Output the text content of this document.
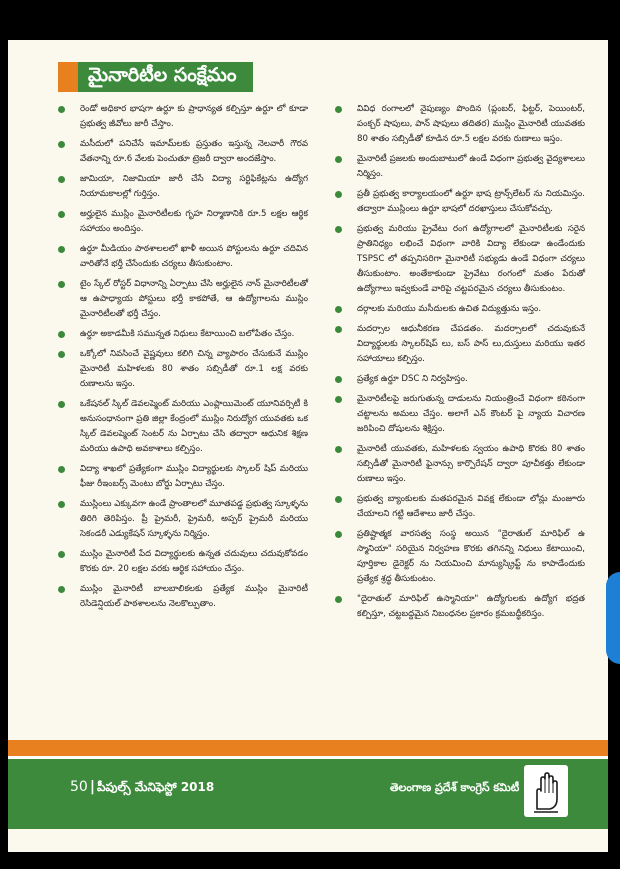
మైనారిటీల సంక్షేమం
రెండో అధికార భాషగా ఉర్దూ కు ప్రాధాన్యత కల్పిస్తూ ఉర్దూ లో కూడా ప్రభుత్వ జీవోలు జారీ చేస్తాం.
మసీదులో పనిచేసే ఇమామ్‌లకు ప్రస్తుతం ఇస్తున్న నెలవారీ గౌరవ వేతనాన్ని రూ.6 వేలకు పెంచుతూ ట్రెజరీ ద్వారా అందజేస్తాం.
జామియా, నిజామియా జారీ చేసే విద్యా సర్టిఫికేట్లను ఉద్యోగ నియామకాలల్లో గుర్తిస్తం.
అర్హులైన ముస్లిం మైనారిటీలకు గృహ నిర్మాణానికి రూ.5 లక్షల ఆర్థిక సహాయం అందిస్తం.
ఉర్దూ మీడియం పాఠశాలలలో ఖాళీ అయిన పోస్టులను ఉర్దూ చదివిన వారితోనే భర్తీ చేసేందుకు చర్యలు తీసుకుంటాం.
టైం స్కేల్ రోస్టర్ విధానాన్ని ఏర్పాటు చేసి అర్హులైన నాన్ మైనారిటీలతో ఆ ఉపాధ్యాయ పోస్టులు భర్తీ కాకపోతే, ఆ ఉద్యోగాలను ముస్లిం మైనారిటీలతో భర్తీ చేస్తం.
ఉర్దూ అకాడమీకి సమున్నత నిధులు కేటాయించి బలోపేతం చేస్తం.
ఒక్కోలో నివసించే వైష్ణవులు కలిగి చిన్న వ్యాపారం చేసుకునే ముస్లిం మైనారిటీ మహిళలకు 80 శాతం సబ్సిడీతో రూ.1 లక్ష వరకు రుణాలను ఇస్తం.
ఒకేషనల్ స్కిల్ డెవలప్మెంట్ మరియు ఎంప్లాయిమెంట్ యూనివర్సిటీ కి అనుసంధానంగా ప్రతి జిల్లా కేంద్రంలో ముస్లిం నిరుద్యోగ యువతకు ఒక స్కిల్ డెవలప్మెంట్ సెంటర్ ను ఏర్పాటు చేసి తద్వారా ఆధునిక శిక్షణ మరియు ఉపాధి అవకాశాలు కల్పిస్తం.
విద్యా శాఖలో ప్రత్యేకంగా ముస్లిం విద్యార్థులకు స్కాలర్ షిప్ మరియు ఫీజు రీఇంబర్స్ మెంటు బోర్డు ఏర్పాటు చేస్తం.
ముస్లింలు ఎక్కువగా ఉండే ప్రాంతాలలో మూతపడ్డ ప్రభుత్వ స్కూళ్ళను తిరిగి తెరిపిస్తం. ప్రీ ప్రైమరీ, ప్రైమరీ, అప్పర్ ప్రైమరీ మరియు సెకండరీ ఎడ్యుకేషన్ స్కూళ్ళను నిర్మిస్తం.
ముస్లిం మైనారిటీ పేద విద్యార్థులకు ఉన్నత చదువులు చదువుకోవడం కొరకు రూ. 20 లక్షల వరకు ఆర్థిక సహాయం చేస్తం.
ముస్లిం మైనారిటీ బాలబాలికలకు ప్రత్యేక ముస్లిం మైనారిటీ రెసిడెన్షియల్ పాఠశాలలను నెలకొల్పుతాం.
వివిధ రంగాలలో నైపుణ్యం పొందిన (ప్లంబర్, ఫిట్టర్, పెయింటర్, పంక్చర్ షాపులు, పాన్ షాపులు తదితర) ముస్లిం మైనారిటీ యువతకు 80 శాతం సబ్సిడీతో కూడిన రూ.5 లక్షల వరకు రుణాలు ఇస్తం.
మైనారిటీ ప్రజలకు అందుబాటులో ఉండే విధంగా ప్రభుత్వ వైద్యశాలలు నిర్మిస్తం.
ప్రతీ ప్రభుత్వ కార్యాలయంలో ఉర్దూ భాష ట్రాన్స్‌లేటర్ ను నియమిస్తం. తద్వారా ముస్లింలు ఉర్దూ భాషలో దరఖాస్తులు చేసుకోవచ్చు.
ప్రభుత్వ మరియు ప్రైవేటు రంగ ఉద్యోగాలలో మైనారిటీలకు సరైన ప్రాతినిధ్యం లభించే విధంగా వారికి విద్యా లేకుండా ఉండేందుకు TSPSC లో తప్పనిసరిగా మైనారిటీ సభ్యుడు ఉండే విధంగా చర్యలు తీసుకుంటాం. అంతేకాకుండా ప్రైవేటు రంగంలో మతం పేరుతో ఉద్యోగాలు ఇవ్వకుండే వారిపై చట్టపరమైన చర్యలు తీసుకుంటం.
దర్గాలకు మరియు మసీదులకు ఉచిత విద్యుత్తును ఇస్తం.
మదర్సాల ఆధునీకరణ చేపడతం. మదర్సాలలో చదువుకునే విద్యార్థులకు స్కాలర్‌షిప్ లు, బస్ పాస్ లు,దుస్తులు మరియు ఇతర సహాయాలు కల్పిస్తం.
ప్రత్యేక ఉర్దూ DSC ని నిర్వహిస్తం.
మైనారిటీలపై జరుగుతున్న దాడులను నియంత్రించే విధంగా కఠినంగా చట్టాలను అమలు చేస్తం. అలాగే ఎన్ కౌంటర్ పై న్యాయ విచారణ జరిపించి దోషులను శిక్షిస్తం.
మైనారిటీ యువతకు, మహిళలకు స్వయం ఉపాధి కొరకు 80 శాతం సబ్సిడీతో మైనారిటీ ఫైనాన్సు కార్పొరేషన్ ద్వారా పూచీకత్తు లేకుండా రుణాలు ఇస్తం.
ప్రభుత్వ బ్యాంకులకు మతపరమైన వివక్ష లేకుండా లోన్లు మంజూరు చేయాలని గట్టి ఆదేశాలు జారీ చేస్తం.
ప్రతిష్టాత్మక వారసత్వ సంస్థ అయిన "దైరాతుల్ మారిఫిల్ ఉ స్మానియా" సరియైన నిర్వహణ కొరకు తగినన్ని నిధులు కేటాయించి, పూర్తికాల డైరెక్టర్ ను నియమించి మాన్యుస్క్రిప్ట్ ను కాపాడేందుకు ప్రత్యేక శ్రద్ధ తీసుకుంటం.
"దైరాతుల్ మారిఫిల్ ఉస్మానియా" ఉద్యోగులకు ఉద్యోగ భద్రత కల్పిస్తూ, చట్టబద్దమైన నిబంధనల ప్రకారం క్రమబద్ధీకరిస్తం.
50 | పీపుల్స్ మేనిఫెస్టో 2018	తెలంగాణ ప్రదేశ్ కాంగ్రెస్ కమిటీ
